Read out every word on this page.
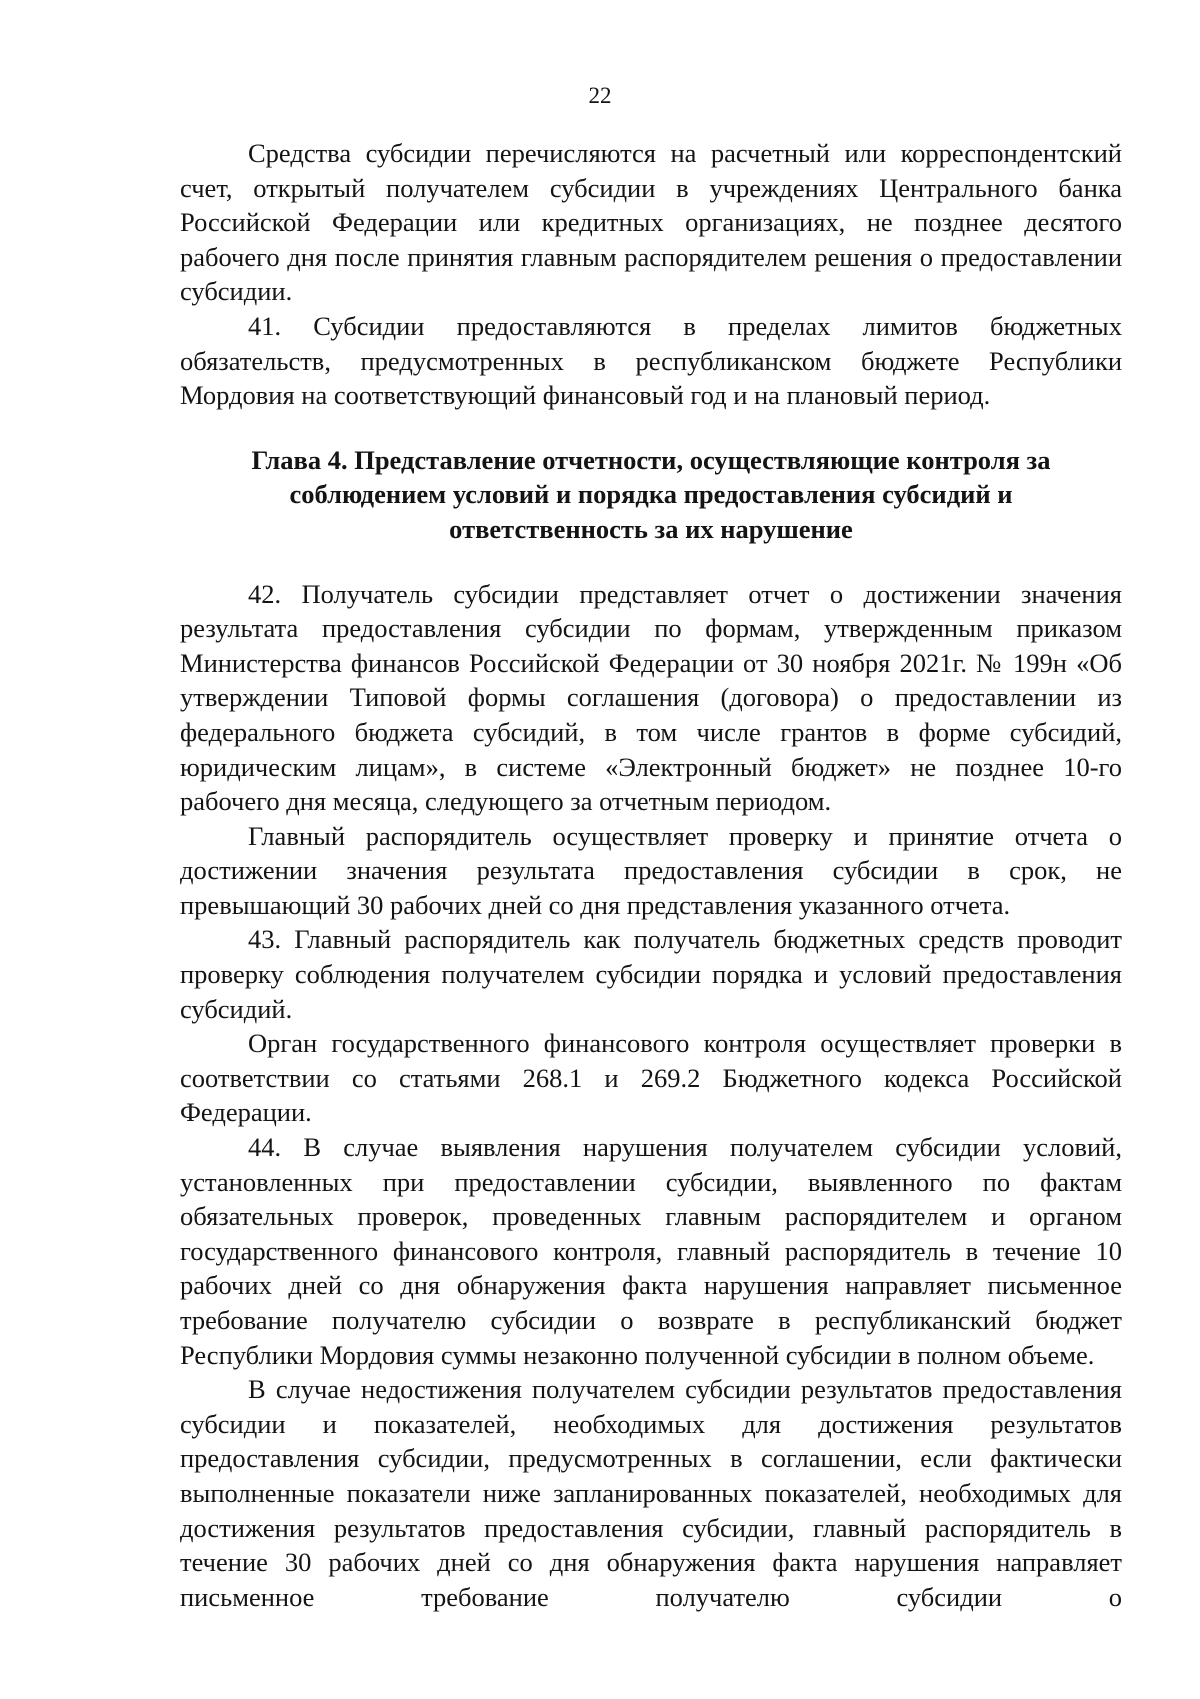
22

Средства субсидии перечисляются на расчетный или корреспондентский счет, открытый получателем субсидии в учреждениях Центрального банка Российской Федерации или кредитных организациях, не позднее десятого рабочего дня после принятия главным распорядителем решения о предоставлении субсидии.

41. Субсидии предоставляются в пределах лимитов бюджетных обязательств, предусмотренных в республиканском бюджете Республики Мордовия на соответствующий финансовый год и на плановый период.

Глава 4. Представление отчетности, осуществляющие контроля за
соблюдением условий и порядка предоставления субсидий и
ответственность за их нарушение

42. Получатель субсидии представляет отчет о достижении значения результата предоставления субсидии по формам, утвержденным приказом Министерства финансов Российской Федерации от 30 ноября 2021г. № 199н «Об утверждении Типовой формы соглашения (договора) о предоставлении из федерального бюджета субсидий, в том числе грантов в форме субсидий, юридическим лицам», в системе «Электронный бюджет» не позднее 10-го рабочего дня месяца, следующего за отчетным периодом.

Главный распорядитель осуществляет проверку и принятие отчета о достижении значения результата предоставления субсидии в срок, не превышающий 30 рабочих дней со дня представления указанного отчета.

43. Главный распорядитель как получатель бюджетных средств проводит проверку соблюдения получателем субсидии порядка и условий предоставления субсидий.

Орган государственного финансового контроля осуществляет проверки в соответствии со статьями 268.1 и 269.2 Бюджетного кодекса Российской Федерации.

44. В случае выявления нарушения получателем субсидии условий, установленных при предоставлении субсидии, выявленного по фактам обязательных проверок, проведенных главным распорядителем и органом государственного финансового контроля, главный распорядитель в течение 10 рабочих дней со дня обнаружения факта нарушения направляет письменное требование получателю субсидии о возврате в республиканский бюджет Республики Мордовия суммы незаконно полученной субсидии в полном объеме.

В случае недостижения получателем субсидии результатов предоставления субсидии и показателей, необходимых для достижения результатов предоставления субсидии, предусмотренных в соглашении, если фактически выполненные показатели ниже запланированных показателей, необходимых для достижения результатов предоставления субсидии, главный распорядитель в течение 30 рабочих дней со дня обнаружения факта нарушения направляет письменное требование получателю субсидии о
